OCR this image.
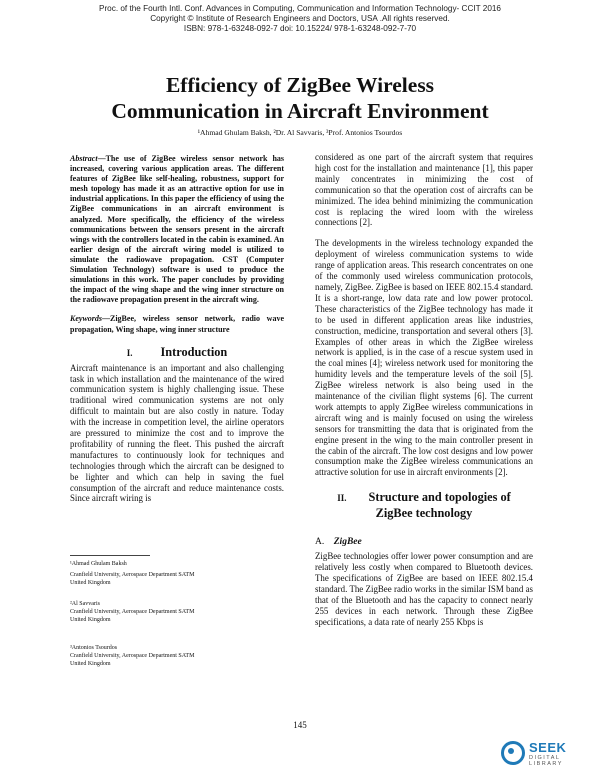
Proc. of the Fourth Intl. Conf. Advances in Computing, Communication and Information Technology- CCIT 2016
Copyright © Institute of Research Engineers and Doctors, USA .All rights reserved.
ISBN: 978-1-63248-092-7 doi: 10.15224/ 978-1-63248-092-7-70
Efficiency of ZigBee Wireless
Communication in Aircraft Environment
¹Ahmad Ghulam Baksh, ²Dr. Al Savvaris, ³Prof. Antonios Tsourdos

Abstract—The use of ZigBee wireless sensor network has increased, covering various application areas. The different features of ZigBee like self-healing, robustness, support for mesh topology has made it as an attractive option for use in industrial applications. In this paper the efficiency of using the ZigBee communications in an aircraft environment is analyzed. More specifically, the efficiency of the wireless communications between the sensors present in the aircraft wings with the controllers located in the cabin is examined. An earlier design of the aircraft wiring model is utilized to simulate the radiowave propagation. CST (Computer Simulation Technology) software is used to produce the simulations in this work. The paper concludes by providing the impact of the wing shape and the wing inner structure on the radiowave propagation present in the aircraft wing.

Keywords—ZigBee, wireless sensor network, radio wave propagation, Wing shape, wing inner structure

I. Introduction

Aircraft maintenance is an important and also challenging task in which installation and the maintenance of the wired communication system is highly challenging issue. These traditional wired communication systems are not only difficult to maintain but are also costly in nature. Today with the increase in competition level, the airline operators are pressured to minimize the cost and to improve the profitability of running the fleet. This pushed the aircraft manufactures to continuously look for techniques and technologies through which the aircraft can be designed to be lighter and which can help in saving the fuel consumption of the aircraft and reduce maintenance costs. Since aircraft wiring is

¹Ahmad Ghulam Baksh
Cranfield University, Aerospace Department SATM
United Kingdom
²Al Savvaris
Cranfield University, Aerospace Department SATM
United Kingdom
³Antonios Tsourdos
Cranfield University, Aerospace Department SATM
United Kingdom

considered as one part of the aircraft system that requires high cost for the installation and maintenance [1], this paper mainly concentrates in minimizing the cost of communication so that the operation cost of aircrafts can be minimized. The idea behind minimizing the communication cost is replacing the wired loom with the wireless connections [2].

The developments in the wireless technology expanded the deployment of wireless communication systems to wide range of application areas. This research concentrates on one of the commonly used wireless communication protocols, namely, ZigBee. ZigBee is based on IEEE 802.15.4 standard. It is a short-range, low data rate and low power protocol. These characteristics of the ZigBee technology has made it to be used in different application areas like industries, construction, medicine, transportation and several others [3]. Examples of other areas in which the ZigBee wireless network is applied, is in the case of a rescue system used in the coal mines [4]; wireless network used for monitoring the humidity levels and the temperature levels of the soil [5]. ZigBee wireless network is also being used in the maintenance of the civilian flight systems [6]. The current work attempts to apply ZigBee wireless communications in aircraft wing and is mainly focused on using the wireless sensors for transmitting the data that is originated from the engine present in the wing to the main controller present in the cabin of the aircraft. The low cost designs and low power consumption make the ZigBee wireless communications an attractive solution for use in aircraft environments [2].

II. Structure and topologies of
ZigBee technology
A. ZigBee

ZigBee technologies offer lower power consumption and are relatively less costly when compared to Bluetooth devices. The specifications of ZigBee are based on IEEE 802.15.4 standard. The ZigBee radio works in the similar ISM band as that of the Bluetooth and has the capacity to connect nearly 255 devices in each network. Through these ZigBee specifications, a data rate of nearly 255 Kbps is

145
SEEK
DIGITAL LIBRARY
